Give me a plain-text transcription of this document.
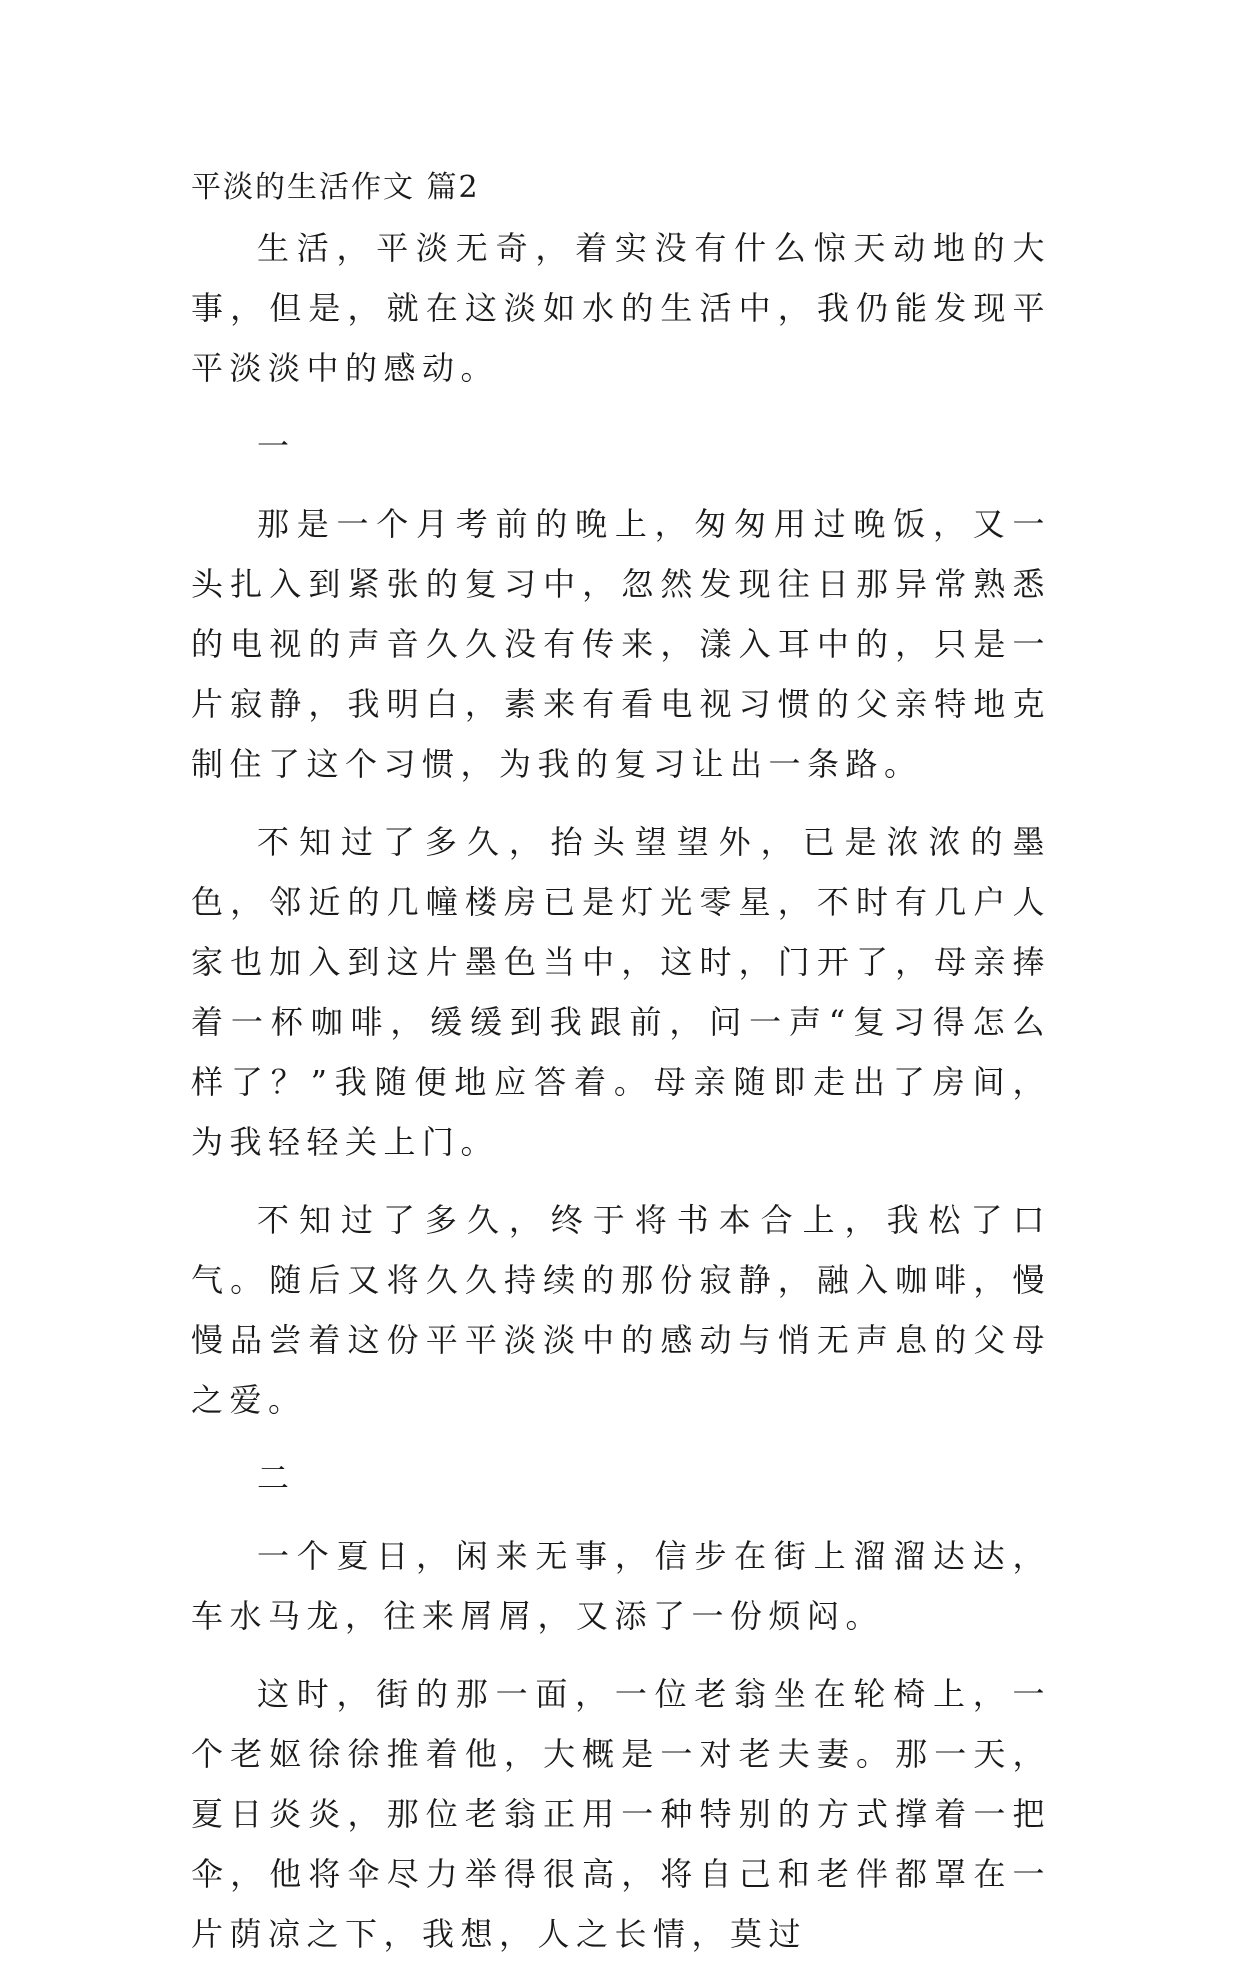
平淡的生活作文 篇2

生活，平淡无奇，着实没有什么惊天动地的大事，但是，就在这淡如水的生活中，我仍能发现平平淡淡中的感动。

一

那是一个月考前的晚上，匆匆用过晚饭，又一头扎入到紧张的复习中，忽然发现往日那异常熟悉的电视的声音久久没有传来，漾入耳中的，只是一片寂静，我明白，素来有看电视习惯的父亲特地克制住了这个习惯，为我的复习让出一条路。

不知过了多久，抬头望望外，已是浓浓的墨色，邻近的几幢楼房已是灯光零星，不时有几户人家也加入到这片墨色当中，这时，门开了，母亲捧着一杯咖啡，缓缓到我跟前，问一声“复习得怎么样了？”我随便地应答着。母亲随即走出了房间，为我轻轻关上门。

不知过了多久，终于将书本合上，我松了口气。随后又将久久持续的那份寂静，融入咖啡，慢慢品尝着这份平平淡淡中的感动与悄无声息的父母之爱。

二

一个夏日，闲来无事，信步在街上溜溜达达，车水马龙，往来屑屑，又添了一份烦闷。

这时，街的那一面，一位老翁坐在轮椅上，一个老妪徐徐推着他，大概是一对老夫妻。那一天，夏日炎炎，那位老翁正用一种特别的方式撑着一把伞，他将伞尽力举得很高，将自己和老伴都罩在一片荫凉之下，我想，人之长情，莫过
